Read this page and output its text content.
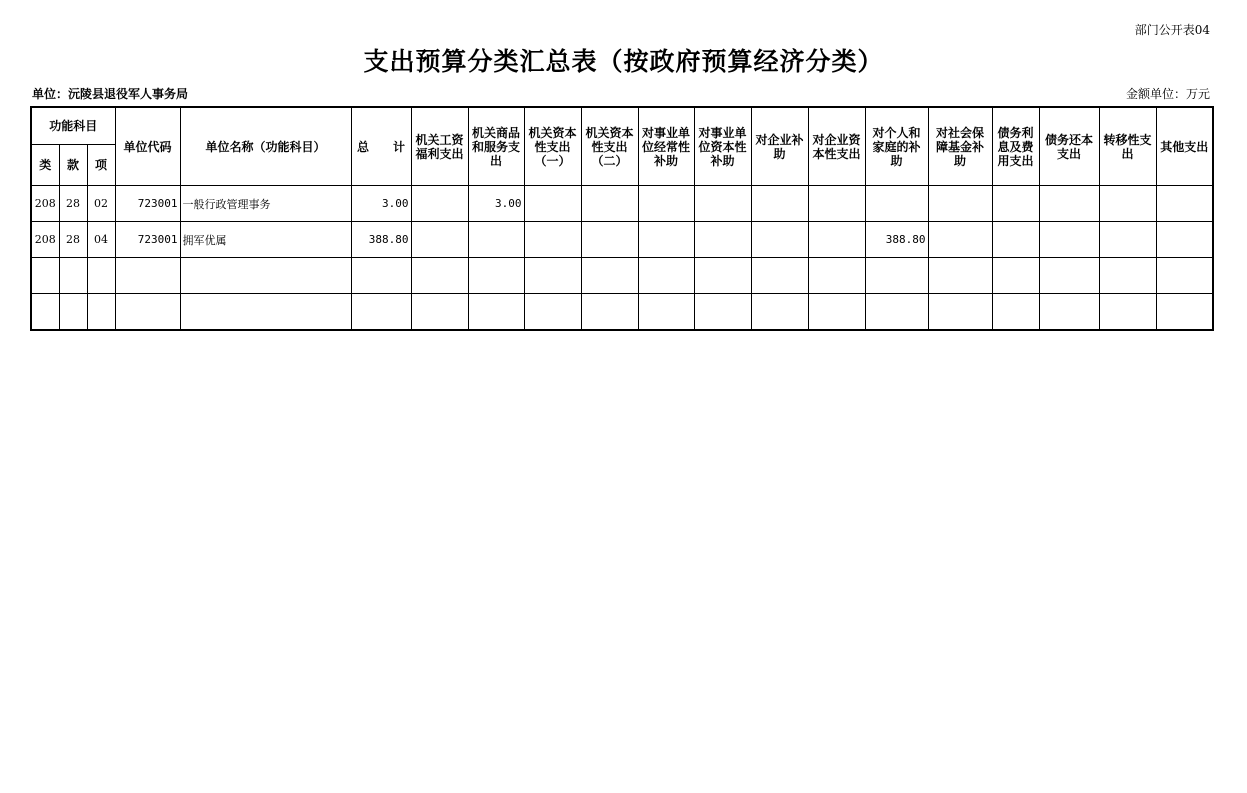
部门公开表04
支出预算分类汇总表（按政府预算经济分类）
单位：沅陵县退役军人事务局	金额单位：万元
功能科目			单位代码	单位名称（功能科目）	总　　计	机关工资福利支出	机关商品和服务支出	机关资本性支出（一）	机关资本性支出（二）	对事业单位经常性补助	对事业单位资本性补助	对企业补助	对企业资本性支出	对个人和家庭的补助	对社会保障基金补助	债务利息及费用支出	债务还本支出	转移性支出	其他支出
类	款	项																	
208	28	02	723001	一般行政管理事务	3.00		3.00												
208	28	04	723001	拥军优属	388.80									388.80					
